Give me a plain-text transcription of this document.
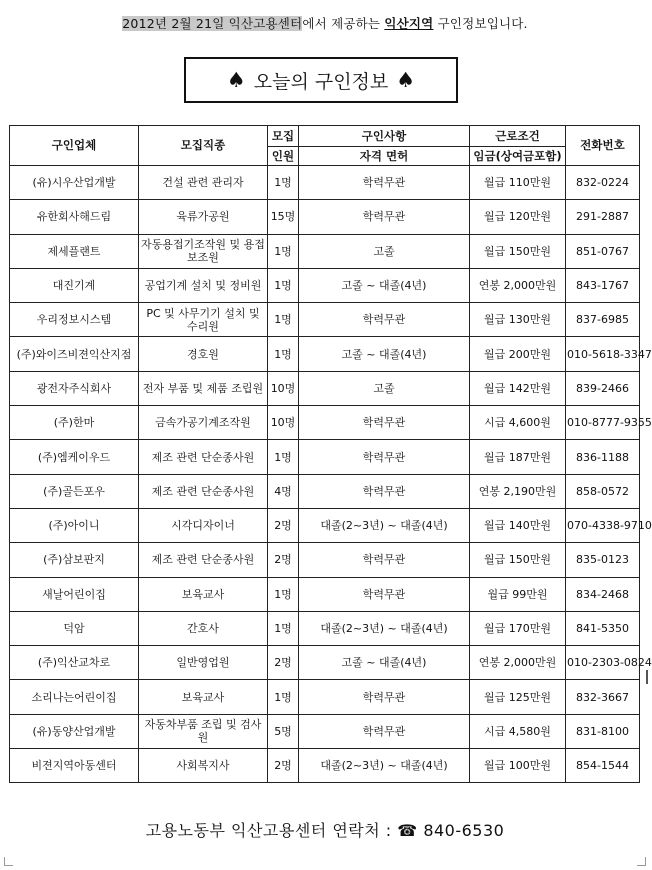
2012년 2월 21일 익산고용센터에서 제공하는 익산지역 구인정보입니다.
♠ 오늘의 구인정보 ♠
구인업체	모집직종	모집	구인사항	근로조건	전화번호
		인원	자격 면허	임금(상여금포함)	
(유)시우산업개발	건설 관련 관리자	1명	학력무관	월급 110만원	832-0224
유한회사해드림	육류가공원	15명	학력무관	월급 120만원	291-2887
제세플랜트	자동용접기조작원 및 용접보조원	1명	고졸	월급 150만원	851-0767
대진기계	공업기계 설치 및 정비원	1명	고졸 ~ 대졸(4년)	연봉 2,000만원	843-1767
우리정보시스템	PC 및 사무기기 설치 및 수리원	1명	학력무관	월급 130만원	837-6985
(주)와이즈비젼익산지점	경호원	1명	고졸 ~ 대졸(4년)	월급 200만원	010-5618-3347
광전자주식회사	전자 부품 및 제품 조립원	10명	고졸	월급 142만원	839-2466
(주)한마	금속가공기계조작원	10명	학력무관	시급 4,600원	010-8777-9355
(주)엠케이우드	제조 관련 단순종사원	1명	학력무관	월급 187만원	836-1188
(주)골든포우	제조 관련 단순종사원	4명	학력무관	연봉 2,190만원	858-0572
(주)아이니	시각디자이너	2명	대졸(2~3년) ~ 대졸(4년)	월급 140만원	070-4338-9710
(주)삼보판지	제조 관련 단순종사원	2명	학력무관	월급 150만원	835-0123
새날어린이집	보육교사	1명	학력무관	월급 99만원	834-2468
덕암	간호사	1명	대졸(2~3년) ~ 대졸(4년)	월급 170만원	841-5350
(주)익산교차로	일반영업원	2명	고졸 ~ 대졸(4년)	연봉 2,000만원	010-2303-0824
소리나는어린이집	보육교사	1명	학력무관	월급 125만원	832-3667
(유)동양산업개발	자동차부품 조립 및 검사원	5명	학력무관	시급 4,580원	831-8100
비젼지역아동센터	사회복지사	2명	대졸(2~3년) ~ 대졸(4년)	월급 100만원	854-1544
고용노동부 익산고용센터 연락처 : ☎ 840-6530
